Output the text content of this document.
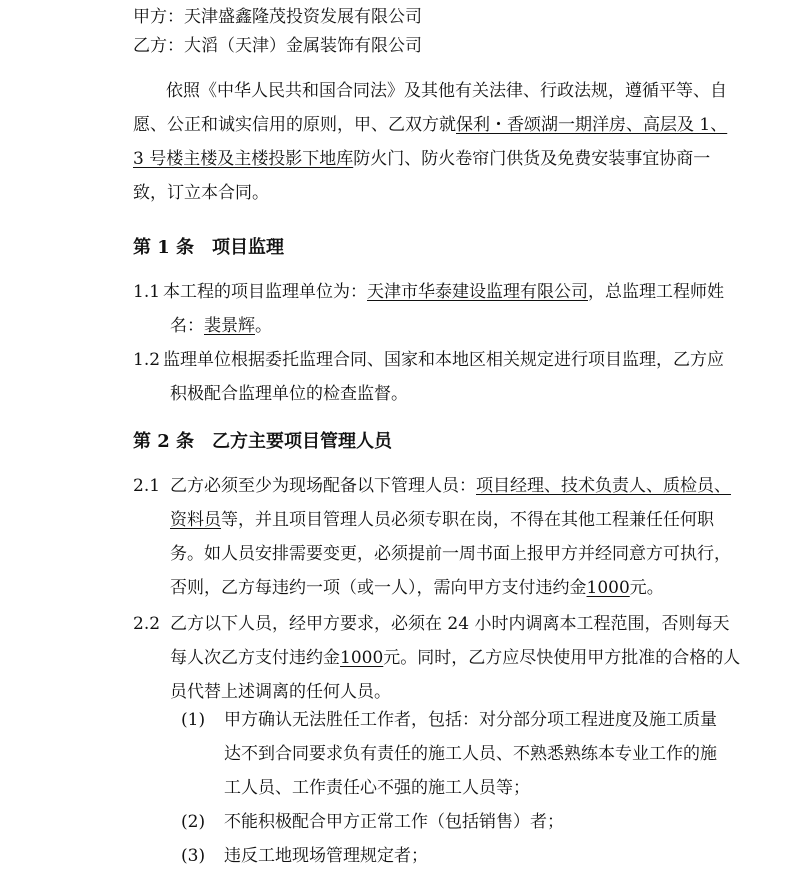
甲方：天津盛鑫隆茂投资发展有限公司
乙方：大滔（天津）金属装饰有限公司
依照《中华人民共和国合同法》及其他有关法律、行政法规，遵循平等、自
愿、公正和诚实信用的原则，甲、乙双方就保利・香颂湖一期洋房、高层及 1、
3 号楼主楼及主楼投影下地库防火门、防火卷帘门供货及免费安装事宜协商一
致，订立本合同。
第 1 条　项目监理
1.1 本工程的项目监理单位为：天津市华泰建设监理有限公司，总监理工程师姓
名：裴景辉。
1.2 监理单位根据委托监理合同、国家和本地区相关规定进行项目监理，乙方应
积极配合监理单位的检查监督。
第 2 条　乙方主要项目管理人员
2.1 乙方必须至少为现场配备以下管理人员：项目经理、技术负责人、质检员、
资料员等，并且项目管理人员必须专职在岗，不得在其他工程兼任任何职
务。如人员安排需要变更，必须提前一周书面上报甲方并经同意方可执行，
否则，乙方每违约一项（或一人），需向甲方支付违约金1000元。
2.2 乙方以下人员，经甲方要求，必须在 24 小时内调离本工程范围，否则每天
每人次乙方支付违约金1000元。同时，乙方应尽快使用甲方批准的合格的人
员代替上述调离的任何人员。
(1) 甲方确认无法胜任工作者，包括：对分部分项工程进度及施工质量
达不到合同要求负有责任的施工人员、不熟悉熟练本专业工作的施
工人员、工作责任心不强的施工人员等；
(2) 不能积极配合甲方正常工作（包括销售）者；
(3) 违反工地现场管理规定者；
